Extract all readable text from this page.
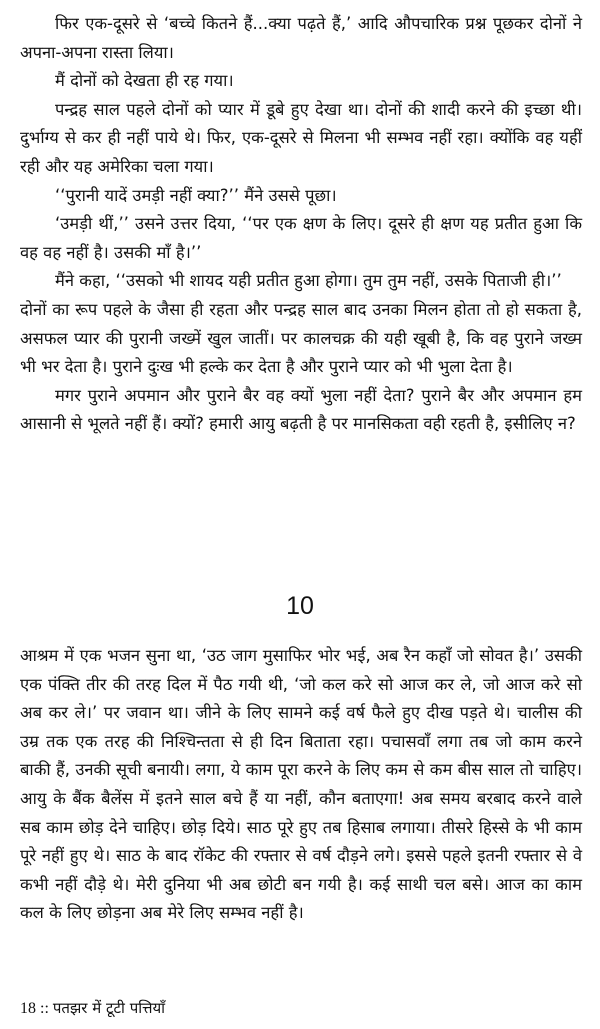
फिर एक-दूसरे से ‘बच्चे कितने हैं...क्या पढ़ते हैं,’ आदि औपचारिक प्रश्न पूछकर दोनों ने अपना-अपना रास्ता लिया।

मैं दोनों को देखता ही रह गया।

पन्द्रह साल पहले दोनों को प्यार में डूबे हुए देखा था। दोनों की शादी करने की इच्छा थी। दुर्भाग्य से कर ही नहीं पाये थे। फिर, एक-दूसरे से मिलना भी सम्भव नहीं रहा। क्योंकि वह यहीं रही और यह अमेरिका चला गया।

‘‘पुरानी यादें उमड़ी नहीं क्या?’’ मैंने उससे पूछा।

‘उमड़ी थीं,’’ उसने उत्तर दिया, ‘‘पर एक क्षण के लिए। दूसरे ही क्षण यह प्रतीत हुआ कि वह वह नहीं है। उसकी माँ है।’’

मैंने कहा, ‘‘उसको भी शायद यही प्रतीत हुआ होगा। तुम तुम नहीं, उसके पिताजी ही।’’

दोनों का रूप पहले के जैसा ही रहता और पन्द्रह साल बाद उनका मिलन होता तो हो सकता है, असफल प्यार की पुरानी जख्में खुल जातीं। पर कालचक्र की यही खूबी है, कि वह पुराने जख्म भी भर देता है। पुराने दुःख भी हल्के कर देता है और पुराने प्यार को भी भुला देता है।

मगर पुराने अपमान और पुराने बैर वह क्यों भुला नहीं देता? पुराने बैर और अपमान हम आसानी से भूलते नहीं हैं। क्यों? हमारी आयु बढ़ती है पर मानसिकता वही रहती है, इसीलिए न?

10

आश्रम में एक भजन सुना था, ‘उठ जाग मुसाफिर भोर भई, अब रैन कहाँ जो सोवत है।’ उसकी एक पंक्ति तीर की तरह दिल में पैठ गयी थी, ‘जो कल करे सो आज कर ले, जो आज करे सो अब कर ले।’ पर जवान था। जीने के लिए सामने कई वर्ष फैले हुए दीख पड़ते थे। चालीस की उम्र तक एक तरह की निश्चिन्तता से ही दिन बिताता रहा। पचासवाँ लगा तब जो काम करने बाकी हैं, उनकी सूची बनायी। लगा, ये काम पूरा करने के लिए कम से कम बीस साल तो चाहिए। आयु के बैंक बैलेंस में इतने साल बचे हैं या नहीं, कौन बताएगा! अब समय बरबाद करने वाले सब काम छोड़ देने चाहिए। छोड़ दिये। साठ पूरे हुए तब हिसाब लगाया। तीसरे हिस्से के भी काम पूरे नहीं हुए थे। साठ के बाद रॉकेट की रफ्तार से वर्ष दौड़ने लगे। इससे पहले इतनी रफ्तार से वे कभी नहीं दौड़े थे। मेरी दुनिया भी अब छोटी बन गयी है। कई साथी चल बसे। आज का काम कल के लिए छोड़ना अब मेरे लिए सम्भव नहीं है।

18 :: पतझर में टूटी पत्तियाँ
